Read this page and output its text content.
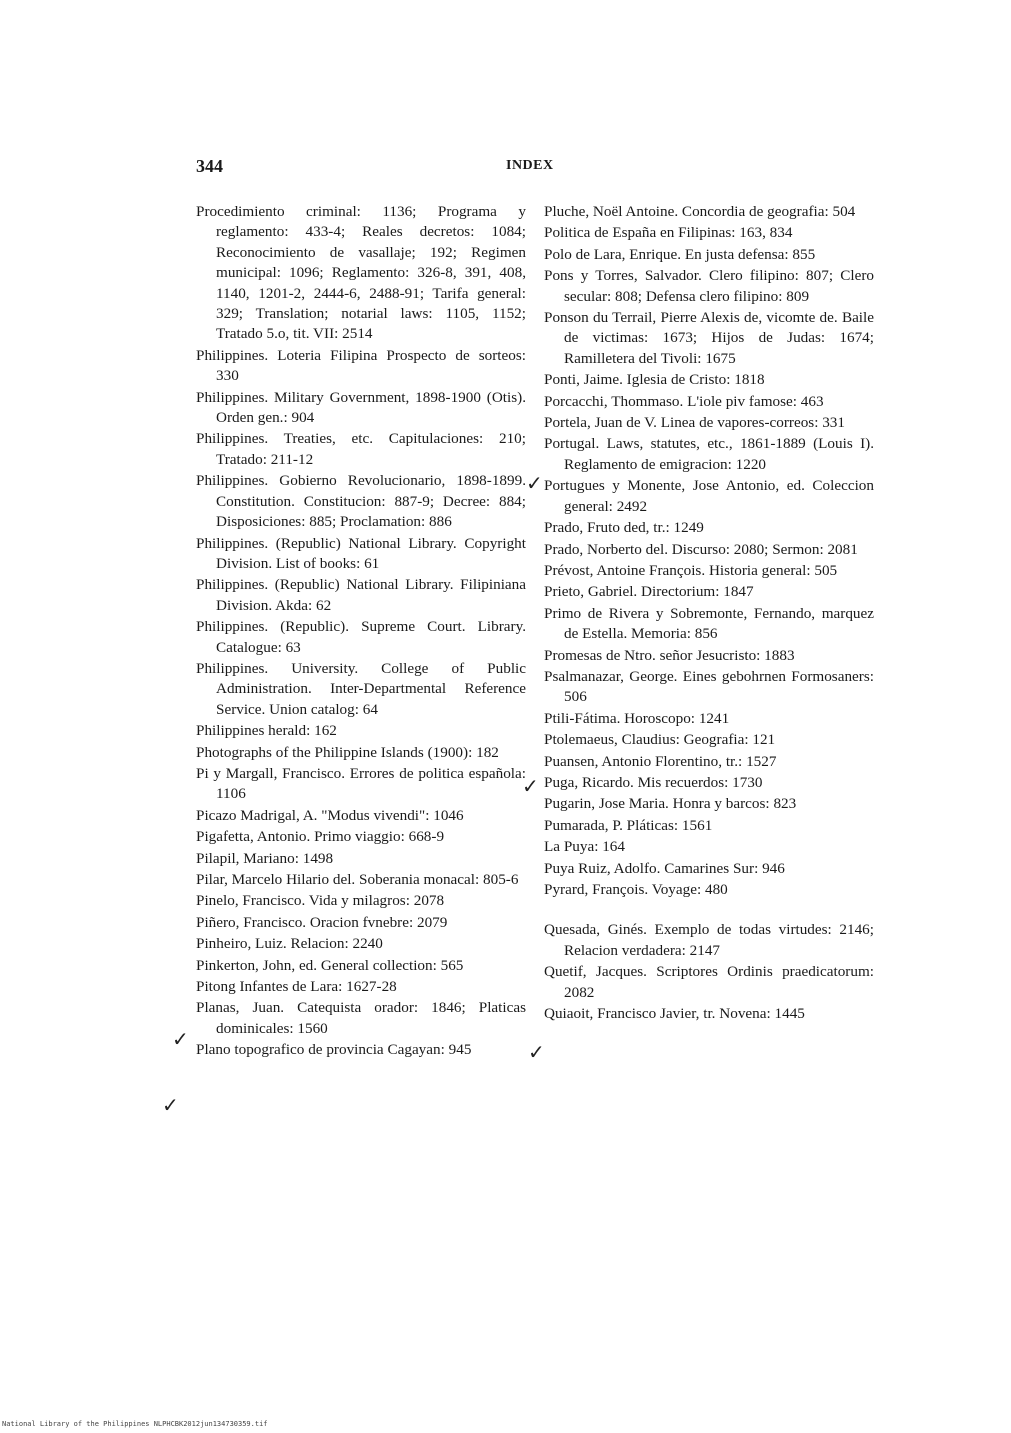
344	INDEX

Procedimiento criminal: 1136; Programa y reglamento: 433-4; Reales decretos: 1084; Reconocimiento de vasallaje; 192; Regimen municipal: 1096; Reglamento: 326-8, 391, 408, 1140, 1201-2, 2444-6, 2488-91; Tarifa general: 329; Translation; notarial laws: 1105, 1152; Tratado 5.o, tit. VII: 2514

Philippines. Loteria Filipina Prospecto de sorteos: 330

Philippines. Military Government, 1898-1900 (Otis). Orden gen.: 904

Philippines. Treaties, etc. Capitulaciones: 210; Tratado: 211-12

Philippines. Gobierno Revolucionario, 1898-1899. Constitution. Constitucion: 887-9; Decree: 884; Disposiciones: 885; Proclamation: 886

Philippines. (Republic) National Library. Copyright Division. List of books: 61

Philippines. (Republic) National Library. Filipiniana Division. Akda: 62

Philippines. (Republic). Supreme Court. Library. Catalogue: 63

Philippines. University. College of Public Administration. Inter-Departmental Reference Service. Union catalog: 64

Philippines herald: 162

Photographs of the Philippine Islands (1900): 182

Pi y Margall, Francisco. Errores de politica española: 1106

Picazo Madrigal, A. "Modus vivendi": 1046

Pigafetta, Antonio. Primo viaggio: 668-9

Pilapil, Mariano: 1498

Pilar, Marcelo Hilario del. Soberania monacal: 805-6

Pinelo, Francisco. Vida y milagros: 2078

Piñero, Francisco. Oracion fvnebre: 2079

Pinheiro, Luiz. Relacion: 2240

Pinkerton, John, ed. General collection: 565

Pitong Infantes de Lara: 1627-28

Planas, Juan. Catequista orador: 1846; Platicas dominicales: 1560

Plano topografico de provincia Cagayan: 945

Pluche, Noël Antoine. Concordia de geografia: 504

Politica de España en Filipinas: 163, 834

Polo de Lara, Enrique. En justa defensa: 855

Pons y Torres, Salvador. Clero filipino: 807; Clero secular: 808; Defensa clero filipino: 809

Ponson du Terrail, Pierre Alexis de, vicomte de. Baile de victimas: 1673; Hijos de Judas: 1674; Ramilletera del Tivoli: 1675

Ponti, Jaime. Iglesia de Cristo: 1818

Porcacchi, Thommaso. L'iole piv famose: 463

Portela, Juan de V. Linea de vapores-correos: 331

Portugal. Laws, statutes, etc., 1861-1889 (Louis I). Reglamento de emigracion: 1220

Portugues y Monente, Jose Antonio, ed. Coleccion general: 2492

Prado, Fruto ded, tr.: 1249

Prado, Norberto del. Discurso: 2080; Sermon: 2081

Prévost, Antoine François. Historia general: 505

Prieto, Gabriel. Directorium: 1847

Primo de Rivera y Sobremonte, Fernando, marquez de Estella. Memoria: 856

Promesas de Ntro. señor Jesucristo: 1883

Psalmanazar, George. Eines gebohrnen Formosaners: 506

Ptili-Fátima. Horoscopo: 1241

Ptolemaeus, Claudius: Geografia: 121

Puansen, Antonio Florentino, tr.: 1527

Puga, Ricardo. Mis recuerdos: 1730

Pugarin, Jose Maria. Honra y barcos: 823

Pumarada, P. Pláticas: 1561

La Puya: 164

Puya Ruiz, Adolfo. Camarines Sur: 946

Pyrard, François. Voyage: 480

Quesada, Ginés. Exemplo de todas virtudes: 2146; Relacion verdadera: 2147

Quetif, Jacques. Scriptores Ordinis praedicatorum: 2082

Quiaoit, Francisco Javier, tr. Novena: 1445

✓
✓
✓
✓
✓
National Library of the Philippines NLPHCBK2012jun134730359.tif
